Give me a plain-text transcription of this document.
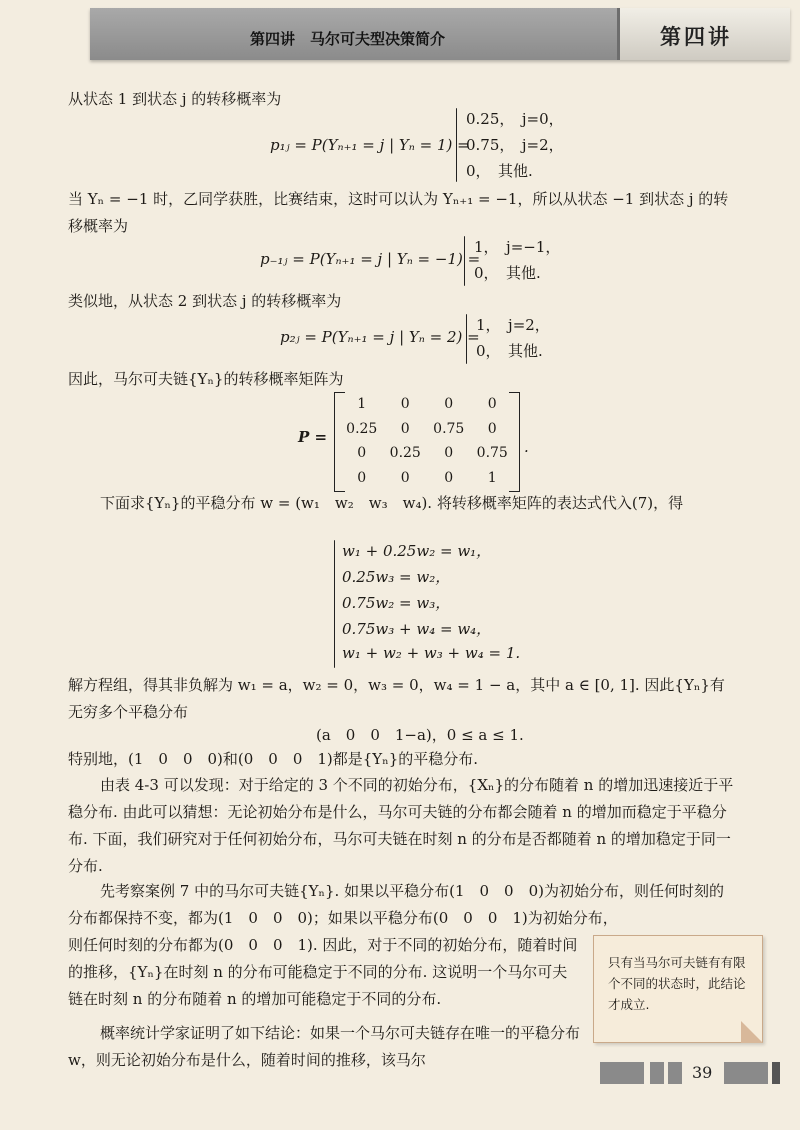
第四讲　马尔可夫型决策简介	第四讲
从状态 1 到状态 j 的转移概率为
p₁ⱼ = P(Yₙ₊₁ = j | Yₙ = 1) =
0.25，　j=0，
0.75，　j=2，
0，　其他.
当 Yₙ = −1 时，乙同学获胜，比赛结束，这时可以认为 Yₙ₊₁ = −1，所以从状态 −1 到状态 j 的转移概率为
p₋₁ⱼ = P(Yₙ₊₁ = j | Yₙ = −1) =
1，　j=−1，
0，　其他.
类似地，从状态 2 到状态 j 的转移概率为
p₂ⱼ = P(Yₙ₊₁ = j | Yₙ = 2) =
1，　j=2，
0，　其他.
因此，马尔可夫链{Yₙ}的转移概率矩阵为
P =
1	0	0	0
0.25	0	0.75	0
0	0.25	0	0.75
0	0	0	1
.
下面求{Yₙ}的平稳分布 w = (w₁　w₂　w₃　w₄). 将转移概率矩阵的表达式代入(7)，得
w₁ + 0.25w₂ = w₁，
0.25w₃ = w₂，
0.75w₂ = w₃，
0.75w₃ + w₄ = w₄，
w₁ + w₂ + w₃ + w₄ = 1.
解方程组，得其非负解为 w₁ = a，w₂ = 0，w₃ = 0，w₄ = 1 − a，其中 a ∈ [0, 1]. 因此{Yₙ}有无穷多个平稳分布
(a　0　0　1−a)，0 ≤ a ≤ 1.
特别地，(1　0　0　0)和(0　0　0　1)都是{Yₙ}的平稳分布.
由表 4-3 可以发现：对于给定的 3 个不同的初始分布，{Xₙ}的分布随着 n 的增加迅速接近于平稳分布. 由此可以猜想：无论初始分布是什么，马尔可夫链的分布都会随着 n 的增加而稳定于平稳分布. 下面，我们研究对于任何初始分布，马尔可夫链在时刻 n 的分布是否都随着 n 的增加稳定于同一分布.
先考察案例 7 中的马尔可夫链{Yₙ}. 如果以平稳分布(1　0　0　0)为初始分布，则任何时刻的分布都保持不变，都为(1　0　0　0)；如果以平稳分布(0　0　0　1)为初始分布，
则任何时刻的分布都为(0　0　0　1). 因此，对于不同的初始分布，随着时间的推移，{Yₙ}在时刻 n 的分布可能稳定于不同的分布. 这说明一个马尔可夫链在时刻 n 的分布随着 n 的增加可能稳定于不同的分布.
概率统计学家证明了如下结论：如果一个马尔可夫链存在唯一的平稳分布 w，则无论初始分布是什么，随着时间的推移，该马尔

只有当马尔可夫链有有限个不同的状态时，此结论才成立.

39
